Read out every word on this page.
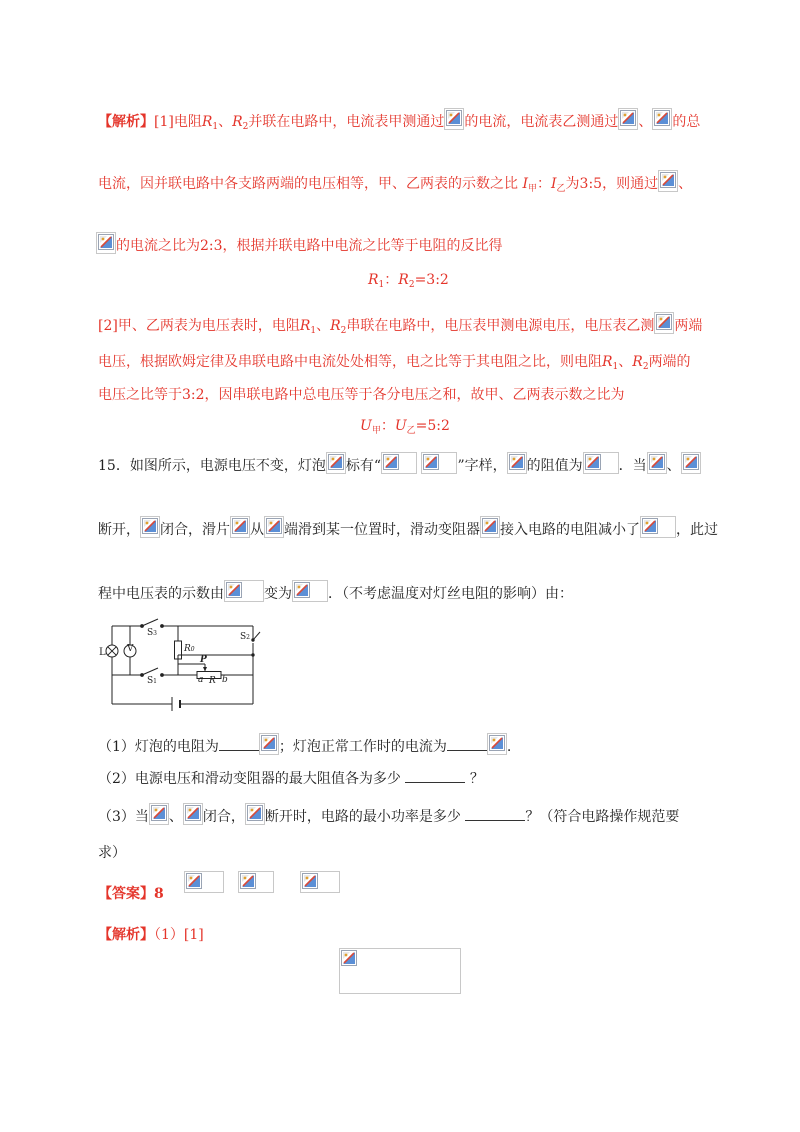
【解析】[1]电阻$R_1$、$R_2$并联在电路中，电流表甲测通过 的电流，电流表乙测通过 、 的总
电流，因并联电路中各支路两端的电压相等，甲、乙两表的示数之比 $I_甲$：$I_乙$为3:5，则通过 、
的电流之比为2:3，根据并联电路中电流之比等于电阻的反比得
$R_1$：$R_2=3:2$
[2]甲、乙两表为电压表时，电阻$R_1$、$R_2$串联在电路中，电压表甲测电源电压，电压表乙测 两端
电压，根据欧姆定律及串联电路中电流处处相等，电之比等于其电阻之比，则电阻$R_1$、$R_2$两端的
电压之比等于3:2，因串联电路中总电压等于各分电压之和，故甲、乙两表示数之比为
$U_甲$：$U_乙=5:2$
15．如图所示，电源电压不变，灯泡 标有“
	”字样， 的阻值为	．当 、
断开， 闭合，滑片 从 端滑到某一位置时，滑动变阻器 接入电路的电阻减小了	，此过
程中电压表的示数由	变为	．（不考虑温度对灯丝电阻的影响）由：
L V
S3
R0
S2
P
S1	a R b
（1）灯泡的电阻为	；灯泡正常工作时的电流为	.
（2）电源电压和滑动变阻器的最大阻值各为多少	？
（3）当 、 闭合， 断开时，电路的最小功率是多少	？（符合电路操作规范要
求）
【答案】8
【解析】（1）[1]
